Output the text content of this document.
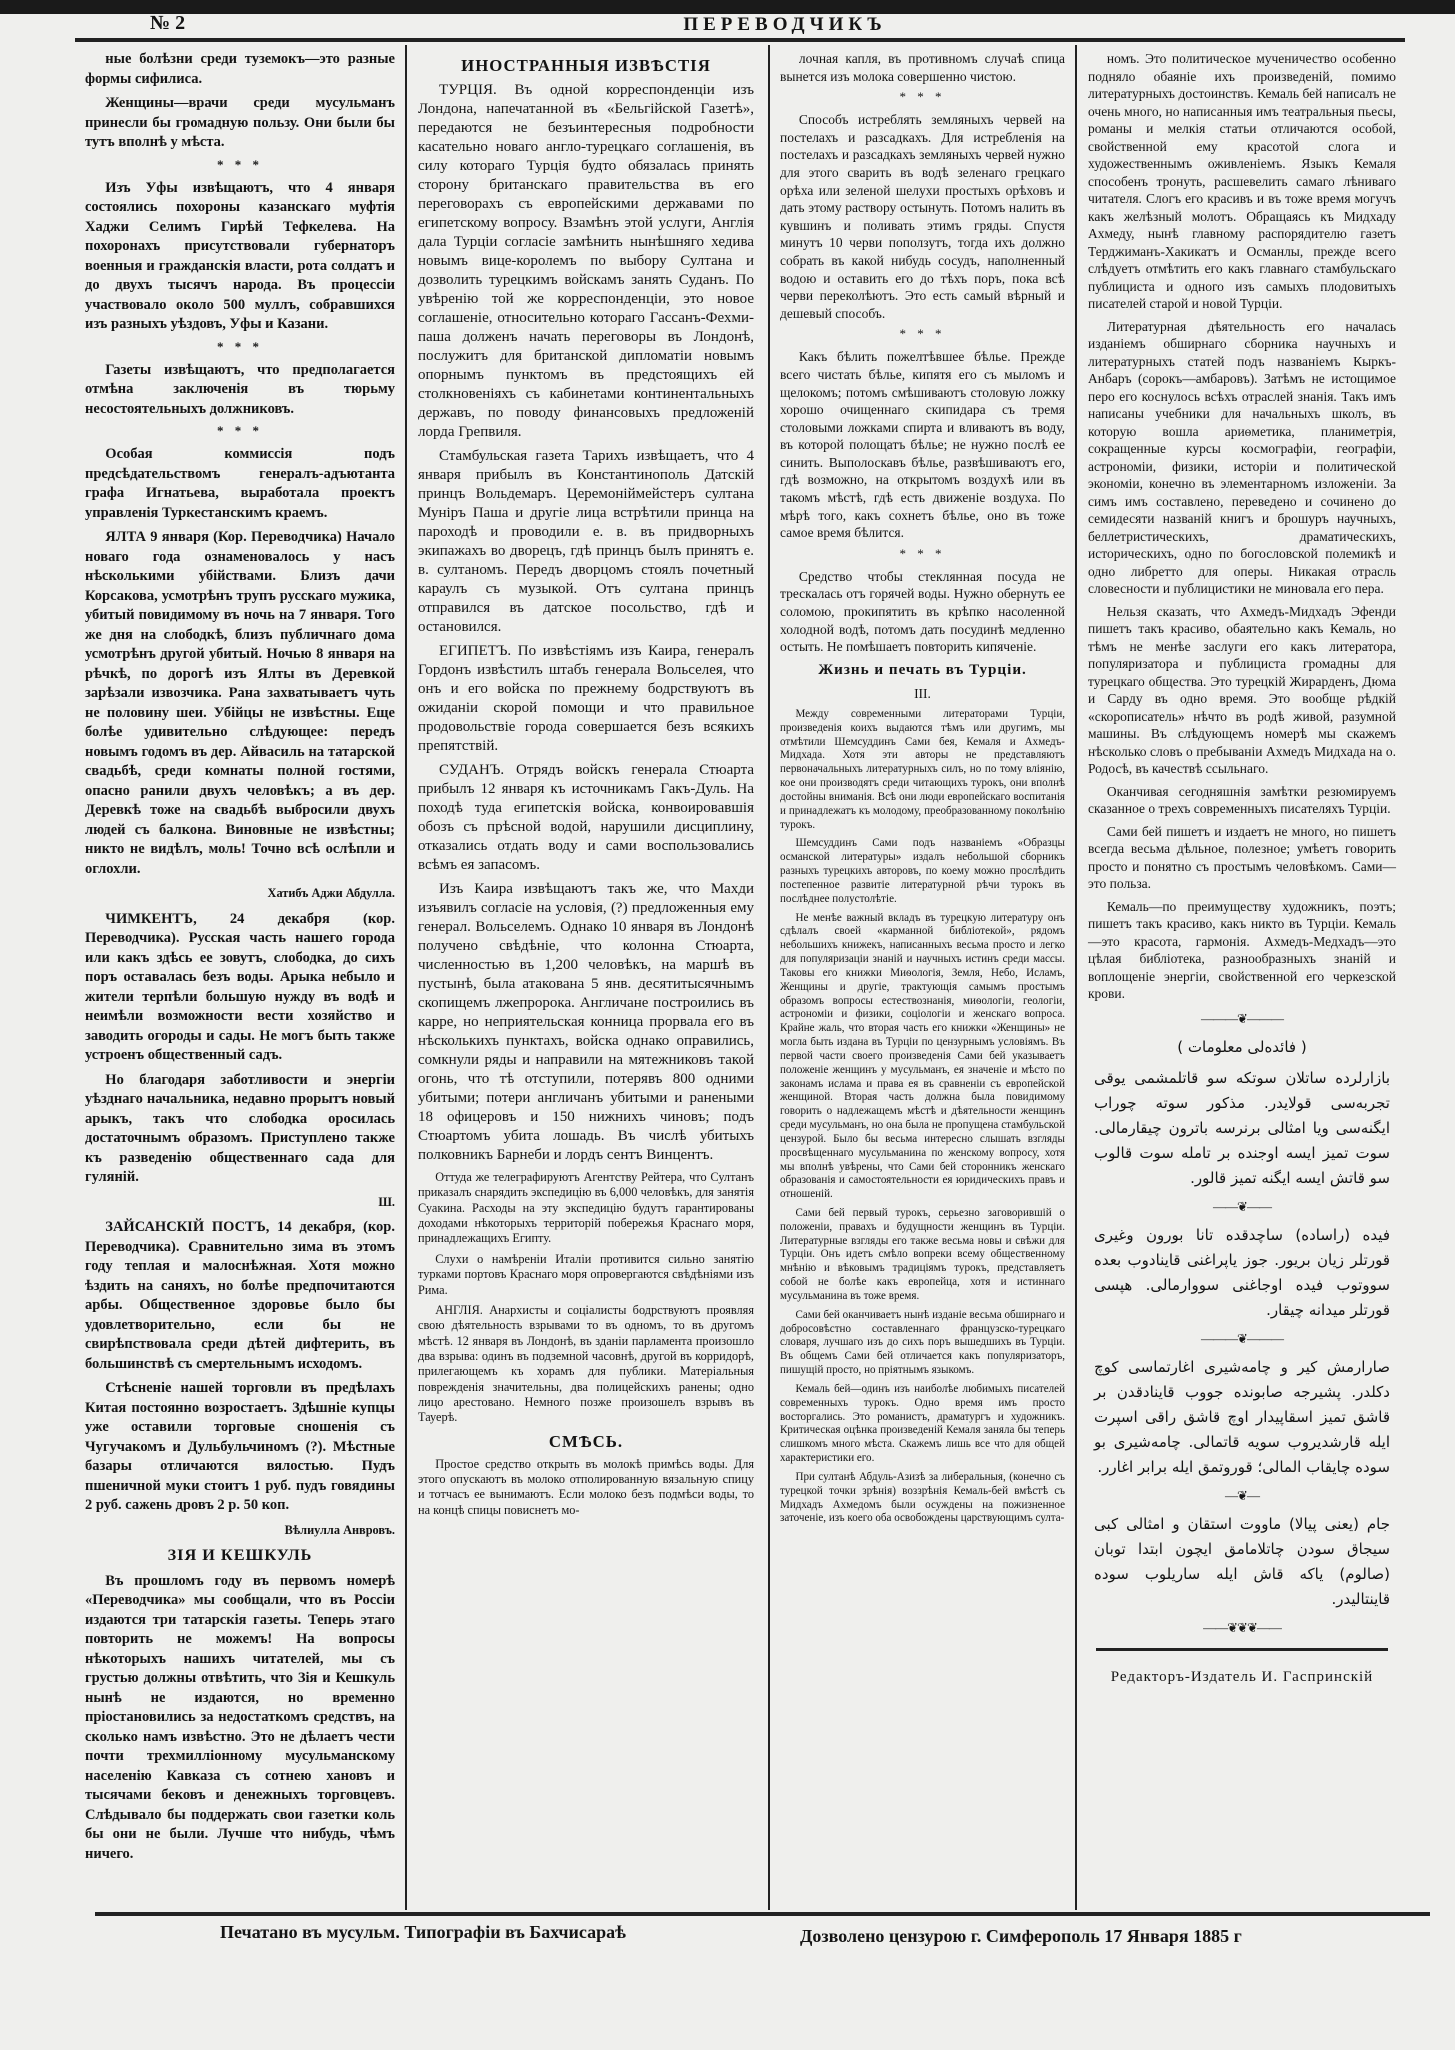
№ 2	ПЕРЕВОДЧИКЪ

ные болѣзни среди туземокъ—это разные формы сифилиса.

Женщины—врачи среди мусульманъ принесли бы громадную пользу. Они были бы тутъ вполнѣ у мѣста.

* * *

Изъ Уфы извѣщаютъ, что 4 января состоялись похороны казанскаго муфтія Хаджи Селимъ Гирѣй Тефкелева. На похоронахъ присутствовали губернаторъ военныя и гражданскія власти, рота солдатъ и до двухъ тысячъ народа. Въ процессіи участвовало около 500 муллъ, собравшихся изъ разныхъ уѣздовъ, Уфы и Казани.

* * *

Газеты извѣщаютъ, что предполагается отмѣна заключенія въ тюрьму несостоятельныхъ должниковъ.

* * *

Особая коммиссія подъ предсѣдательствомъ генералъ-адъютанта графа Игнатьева, выработала проектъ управленія Туркестанскимъ краемъ.

ЯЛТА 9 января (Кор. Переводчика) Начало новаго года ознаменовалось у насъ нѣсколькими убійствами. Близъ дачи Корсакова, усмотрѣнъ трупъ русскаго мужика, убитый повидимому въ ночь на 7 января. Того же дня на слободкѣ, близъ публичнаго дома усмотрѣнъ другой убитый. Ночью 8 января на рѣчкѣ, по дорогѣ изъ Ялты въ Деревкой зарѣзали извозчика. Рана захватываетъ чуть не половину шеи. Убійцы не извѣстны. Еще болѣе удивительно слѣдующее: передъ новымъ годомъ въ дер. Айвасиль на татарской свадьбѣ, среди комнаты полной гостями, опасно ранили двухъ человѣкъ; а въ дер. Деревкѣ тоже на свадьбѣ выбросили двухъ людей съ балкона. Виновные не извѣстны; никто не видѣлъ, моль! Точно всѣ ослѣпли и оглохли.

Хатибъ Аджи Абдулла.

ЧИМКЕНТЪ, 24 декабря (кор. Переводчика). Русская часть нашего города или какъ здѣсь ее зовутъ, слободка, до сихъ поръ оставалась безъ воды. Арыка небыло и жители терпѣли большую нужду въ водѣ и неимѣли возможности вести хозяйство и заводить огороды и сады. Не могъ быть также устроенъ общественный садъ.

Но благодаря заботливости и энергіи уѣзднаго начальника, недавно прорытъ новый арыкъ, такъ что слободка оросилась достаточнымъ образомъ. Приступлено также къ разведенію общественнаго сада для гуляній.

Ш.

ЗАЙСАНСКІЙ ПОСТЪ, 14 декабря, (кор. Переводчика). Сравнительно зима въ этомъ году теплая и малоснѣжная. Хотя можно ѣздить на саняхъ, но болѣе предпочитаются арбы. Общественное здоровье было бы удовлетворительно, если бы не свирѣпствовала среди дѣтей дифтерить, въ большинствѣ съ смертельнымъ исходомъ.

Стѣсненіе нашей торговли въ предѣлахъ Китая постоянно возростаетъ. Здѣшніе купцы уже оставили торговые сношенія съ Чугучакомъ и Дульбульчиномъ (?). Мѣстные базары отличаются вялостью. Пудъ пшеничной муки стоитъ 1 руб. пудъ говядины 2 руб. сажень дровъ 2 р. 50 коп.

Вѣлиулла Анвровъ.
ЗІЯ И КЕШКУЛЬ

Въ прошломъ году въ первомъ номерѣ «Переводчика» мы сообщали, что въ Россіи издаются три татарскія газеты. Теперь этаго повторить не можемъ! На вопросы нѣкоторыхъ нашихъ читателей, мы съ грустью должны отвѣтить, что Зія и Кешкуль нынѣ не издаются, но временно пріостановились за недостаткомъ средствъ, на сколько намъ извѣстно. Это не дѣлаетъ чести почти трехмилліонному мусульманскому населенію Кавказа съ сотнею хановъ и тысячами бековъ и денежныхъ торговцевъ. Слѣдывало бы поддержать свои газетки коль бы они не были. Лучше что нибудь, чѣмъ ничего.

ИНОСТРАННЫЯ ИЗВѢСТІЯ

ТУРЦІЯ. Въ одной корреспонденціи изъ Лондона, напечатанной въ «Бельгійской Газетѣ», передаются не безъинтересныя подробности касательно новаго англо-турецкаго соглашенія, въ силу котораго Турція будто обязалась принять сторону британскаго правительства въ его переговорахъ съ европейскими державами по египетскому вопросу. Взамѣнъ этой услуги, Англія дала Турціи согласіе замѣнить нынѣшняго хедива новымъ вице-королемъ по выбору Султана и дозволить турецкимъ войскамъ занять Суданъ. По увѣренію той же корреспонденціи, это новое соглашеніе, относительно котораго Гассанъ-Фехми-паша долженъ начать переговоры въ Лондонѣ, послужитъ для британской дипломатіи новымъ опорнымъ пунктомъ въ предстоящихъ ей столкновеніяхъ съ кабинетами континентальныхъ державъ, по поводу финансовыхъ предложеній лорда Грепвиля.

Стамбульская газета Тарихъ извѣщаетъ, что 4 января прибылъ въ Константинополь Датскій принцъ Вольдемаръ. Церемоніймейстеръ султана Мунiръ Паша и другіе лица встрѣтили принца на пароходѣ и проводили е. в. въ придворныхъ экипажахъ во дворецъ, гдѣ принцъ былъ принятъ е. в. султаномъ. Передъ дворцомъ стоялъ почетный караулъ съ музыкой. Отъ султана принцъ отправился въ датское посольство, гдѣ и остановился.

ЕГИПЕТЪ. По извѣстіямъ изъ Каира, генералъ Гордонъ извѣстилъ штабъ генерала Вольселея, что онъ и его войска по прежнему бодрствуютъ въ ожиданіи скорой помощи и что правильное продовольствіе города совершается безъ всякихъ препятствій.

СУДАНЪ. Отрядъ войскъ генерала Стюарта прибылъ 12 января къ источникамъ Гакъ-Дуль. На походѣ туда египетскія войска, конвоировавшія обозъ съ прѣсной водой, нарушили дисциплину, отказались отдать воду и сами воспользовались всѣмъ ея запасомъ.

Изъ Каира извѣщаютъ такъ же, что Махди изъявилъ согласіе на условія, (?) предложенныя ему генерал. Вольселемъ. Однако 10 января въ Лондонѣ получено свѣдѣніе, что колонна Стюарта, численностью въ 1,200 человѣкъ, на маршѣ въ пустынѣ, была атакована 5 янв. десятитысячнымъ скопищемъ лжепророка. Англичане построились въ карре, но неприятельская конница прорвала его въ нѣсколькихъ пунктахъ, войска однако оправились, сомкнули ряды и направили на мятежниковъ такой огонь, что тѣ отступили, потерявъ 800 одними убитыми; потери англичанъ убитыми и ранеными 18 офицеровъ и 150 нижнихъ чиновъ; подъ Стюартомъ убита лошадь. Въ числѣ убитыхъ полковникъ Барнеби и лордъ сентъ Винцентъ.

Оттуда же телеграфируютъ Агентству Рейтера, что Султанъ приказалъ снарядить экспедицію въ 6,000 человѣкъ, для занятія Суакина. Расходы на эту экспедицію будутъ гарантированы доходами нѣкоторыхъ территорій побережья Краснаго моря, принадлежащихъ Египту.

Слухи о намѣреніи Италіи противится сильно занятію турками портовъ Краснаго моря опровергаются свѣдѣніями изъ Рима.

АНГЛІЯ. Анархисты и соціалисты бодрствуютъ проявляя свою дѣятельность взрывами то въ одномъ, то въ другомъ мѣстѣ. 12 января въ Лондонѣ, въ зданіи парламента произошло два взрыва: одинъ въ подземной часовнѣ, другой въ корридорѣ, прилегающемъ къ хорамъ для публики. Матеріальныя поврежденія значительны, два полицейскихъ ранены; одно лицо арестовано. Немного позже произошелъ взрывъ въ Тауерѣ.

СМѢСЬ.

Простое средство открыть въ молокѣ примѣсь воды. Для этого опускаютъ въ молоко отполированную вязальную спицу и тотчасъ ее вынимаютъ. Если молоко безъ подмѣси воды, то на концѣ спицы повиснетъ мо-

лочная капля, въ противномъ случаѣ спица вынется изъ молока совершенно чистою.

* * *

Способъ истреблять земляныхъ червей на постелахъ и разсадкахъ. Для истребленія на постелахъ и разсадкахъ земляныхъ червей нужно для этого сварить въ водѣ зеленаго грецкаго орѣха или зеленой шелухи простыхъ орѣховъ и дать этому раствору остынуть. Потомъ налить въ кувшинъ и поливать этимъ гряды. Спустя минутъ 10 черви поползутъ, тогда ихъ должно собрать въ какой нибудь сосудъ, наполненный водою и оставить его до тѣхъ поръ, пока всѣ черви переколѣютъ. Это есть самый вѣрный и дешевый способъ.

* * *

Какъ бѣлить пожелтѣвшее бѣлье. Прежде всего чистать бѣлье, кипятя его съ мыломъ и щелокомъ; потомъ смѣшиваютъ столовую ложку хорошо очищеннаго скипидара съ тремя столовыми ложками спирта и вливаютъ въ воду, въ которой полощатъ бѣлье; не нужно послѣ ее синить. Выполоскавъ бѣлье, развѣшиваютъ его, гдѣ возможно, на открытомъ воздухѣ или въ такомъ мѣстѣ, гдѣ есть движеніе воздуха. По мѣрѣ того, какъ сохнетъ бѣлье, оно въ тоже самое время бѣлится.

* * *

Средство чтобы стеклянная посуда не трескалась отъ горячей воды. Нужно обернуть ее соломою, прокипятить въ крѣпко насоленной холодной водѣ, потомъ дать посудинѣ медленно остыть. Не помѣшаетъ повторить кипяченіе.

Жизнь и печать въ Турціи.
III.

Между современными литераторами Турціи, произведенія коихъ выдаются тѣмъ или другимъ, мы отмѣтили Шемсуддинъ Сами бея, Кемаля и Ахмедъ-Мидхада. Хотя эти авторы не представляютъ первоначальныхъ литературныхъ силъ, но по тому вліянію, кое они производятъ среди читающихъ турокъ, они вполнѣ достойны вниманія. Всѣ они люди европейскаго воспитанія и принадлежатъ къ молодому, преобразованному поколѣнію турокъ.

Шемсуддинъ Сами подъ названіемъ «Образцы османской литературы» издалъ небольшой сборникъ разныхъ турецкихъ авторовъ, по коему можно прослѣдить постепенное развитіе литературной рѣчи турокъ въ послѣднее полустолѣтіе.

Не менѣе важный вкладъ въ турецкую литературу онъ сдѣлалъ своей «карманной библіотекой», рядомъ небольшихъ книжекъ, написанныхъ весьма просто и легко для популяризаціи знаній и научныхъ истинъ среди массы. Таковы его книжки Миѳологія, Земля, Небо, Исламъ, Женщины и другіе, трактующія самымъ простымъ образомъ вопросы естествознанія, миѳологіи, геологіи, астрономіи и физики, соціологіи и женскаго вопроса. Крайне жаль, что вторая часть его книжки «Женщины» не могла быть издана въ Турціи по цензурнымъ условіямъ. Въ первой части своего произведенія Сами бей указываетъ положеніе женщинъ у мусульманъ, ея значеніе и мѣсто по законамъ ислама и права ея въ сравненіи съ европейской женщиной. Вторая часть должна была повидимому говорить о надлежащемъ мѣстѣ и дѣятельности женщинъ среди мусульманъ, но она была не пропущена стамбульской цензурой. Было бы весьма интересно слышать взгляды просвѣщеннаго мусульманина по женскому вопросу, хотя мы вполнѣ увѣрены, что Сами бей сторонникъ женскаго образованія и самостоятельности ея юридическихъ правъ и отношеній.

Сами бей первый турокъ, серьезно заговорившій о положеніи, правахъ и будущности женщинъ въ Турціи. Литературные взгляды его также весьма новы и свѣжи для Турціи. Онъ идетъ смѣло вопреки всему общественному мнѣнію и вѣковымъ традиціямъ турокъ, представляетъ собой не болѣе какъ европейца, хотя и истиннаго мусульманина въ тоже время.

Сами бей оканчиваетъ нынѣ изданіе весьма обширнаго и добросовѣстно составленнаго французско-турецкаго словаря, лучшаго изъ до сихъ поръ вышедшихъ въ Турціи. Въ общемъ Сами бей отличается какъ популяризаторъ, пишущій просто, но пріятнымъ языкомъ.

Кемаль бей—одинъ изъ наиболѣе любимыхъ писателей современныхъ турокъ. Одно время имъ просто восторгались. Это романистъ, драматургъ и художникъ. Критическая оцѣнка произведеній Кемаля заняла бы теперь слишкомъ много мѣста. Скажемъ лишь все что для общей характеристики его.

При султанѣ Абдуль-Азизѣ за либеральныя, (конечно съ турецкой точки зрѣнія) воззрѣнія Кемаль-бей вмѣстѣ съ Мидхадъ Ахмедомъ были осуждены на пожизненное заточеніе, изъ коего оба освобождены царствующимъ султа-

номъ. Это политическое мученичество особенно подняло обаяніе ихъ произведеній, помимо литературныхъ достоинствъ. Кемаль бей написалъ не очень много, но написанныя имъ театральныя пьесы, романы и мелкія статьи отличаются особой, свойственной ему красотой слога и художественнымъ оживленіемъ. Языкъ Кемаля способенъ тронуть, расшевелить самаго лѣниваго читателя. Слогъ его красивъ и въ тоже время могучъ какъ желѣзный молотъ. Обращаясь къ Мидхаду Ахмеду, нынѣ главному распорядителю газетъ Терджиманъ-Хакикатъ и Османлы, прежде всего слѣдуетъ отмѣтить его какъ главнаго стамбульскаго публициста и одного изъ самыхъ плодовитыхъ писателей старой и новой Турціи.

Литературная дѣятельность его началась изданіемъ обширнаго сборника научныхъ и литературныхъ статей подъ названіемъ Кыркъ-Анбаръ (сорокъ—амбаровъ). Затѣмъ не истощимое перо его коснулось всѣхъ отраслей знанія. Такъ имъ написаны учебники для начальныхъ школъ, въ которую вошла ариѳметика, планиметрія, сокращенные курсы космографіи, географіи, астрономіи, физики, исторіи и политической экономіи, конечно въ элементарномъ изложеніи. За симъ имъ составлено, переведено и сочинено до семидесяти названій книгъ и брошуръ научныхъ, беллетристическихъ, драматическихъ, историческихъ, одно по богословской полемикѣ и одно либретто для оперы. Никакая отрасль словесности и публицистики не миновала его пера.

Нельзя сказать, что Ахмедъ-Мидхадъ Эфенди пишетъ такъ красиво, обаятельно какъ Кемаль, но тѣмъ не менѣе заслуги его какъ литератора, популяризатора и публициста громадны для турецкаго общества. Это турецкій Жирарденъ, Дюма и Сарду въ одно время. Это вообще рѣдкій «скорописатель» нѣчто въ родѣ живой, разумной машины. Въ слѣдующемъ номерѣ мы скажемъ нѣсколько словъ о пребываніи Ахмедъ Мидхада на о. Родосѣ, въ качествѣ ссыльнаго.

Оканчивая сегодняшнія замѣтки резюмируемъ сказанное о трехъ современныхъ писателяхъ Турціи.

Сами бей пишетъ и издаетъ не много, но пишетъ всегда весьма дѣльное, полезное; умѣетъ говорить просто и понятно съ простымъ человѣкомъ. Сами—это польза.

Кемаль—по преимуществу художникъ, поэтъ; пишетъ такъ красиво, какъ никто въ Турціи. Кемаль—это красота, гармонія. Ахмедъ-Медхадъ—это цѣлая библіотека, разнообразныхъ знаній и воплощеніе энергіи, свойственной его черкезской крови.

———❦———
( فائده‌لی معلومات )

بازارلرده ساتلان سوتکه سو قاتلمشمی یوقی تجربه‌سی قولایدر. مذکور سوته چوراب ایگنه‌سی ویا امثالی برنرسه باترون چیقارمالی. سوت تمیز ایسه اوجنده بر تامله سوت قالوب سو قاتش ایسه ایگنه تمیز قالور.

——❦——

فیده (راساده) ساچدقده تانا بورون وغیری قورتلر زیان بریور. جوز یاپراغنی قاینادوب بعده سووتوب فیده اوجاغنی سووارمالی. هپسی قورتلر میدانه چیقار.

———❦———

صارارمش کیر و چامه‌شیری اغارتماسی کوچ دکلدر. پشیرجه صابونده جووب قاینادقدن بر قاشق تمیز اسقاپیدار اوچ قاشق راقی اسپرت ایله قارشدیروب سویه قاتمالی. چامه‌شیری بو سوده چایقاب المالی؛ قوروتمق ایله برابر اغارر.

—❦—

جام (یعنی پیالا) ماووت استقان و امثالی کبی سیجاق سودن چاتلامامق ایچون ابتدا توبان (صالوم) یاکه قاش ایله ساریلوب سوده قاینتالیدر.

——❦❦❦——
Редакторъ-Издатель И. Гаспринскій
Печатано въ мусульм. Типографіи въ Бахчисараѣ	Дозволено цензурою г. Симферополь 17 Января 1885 г
